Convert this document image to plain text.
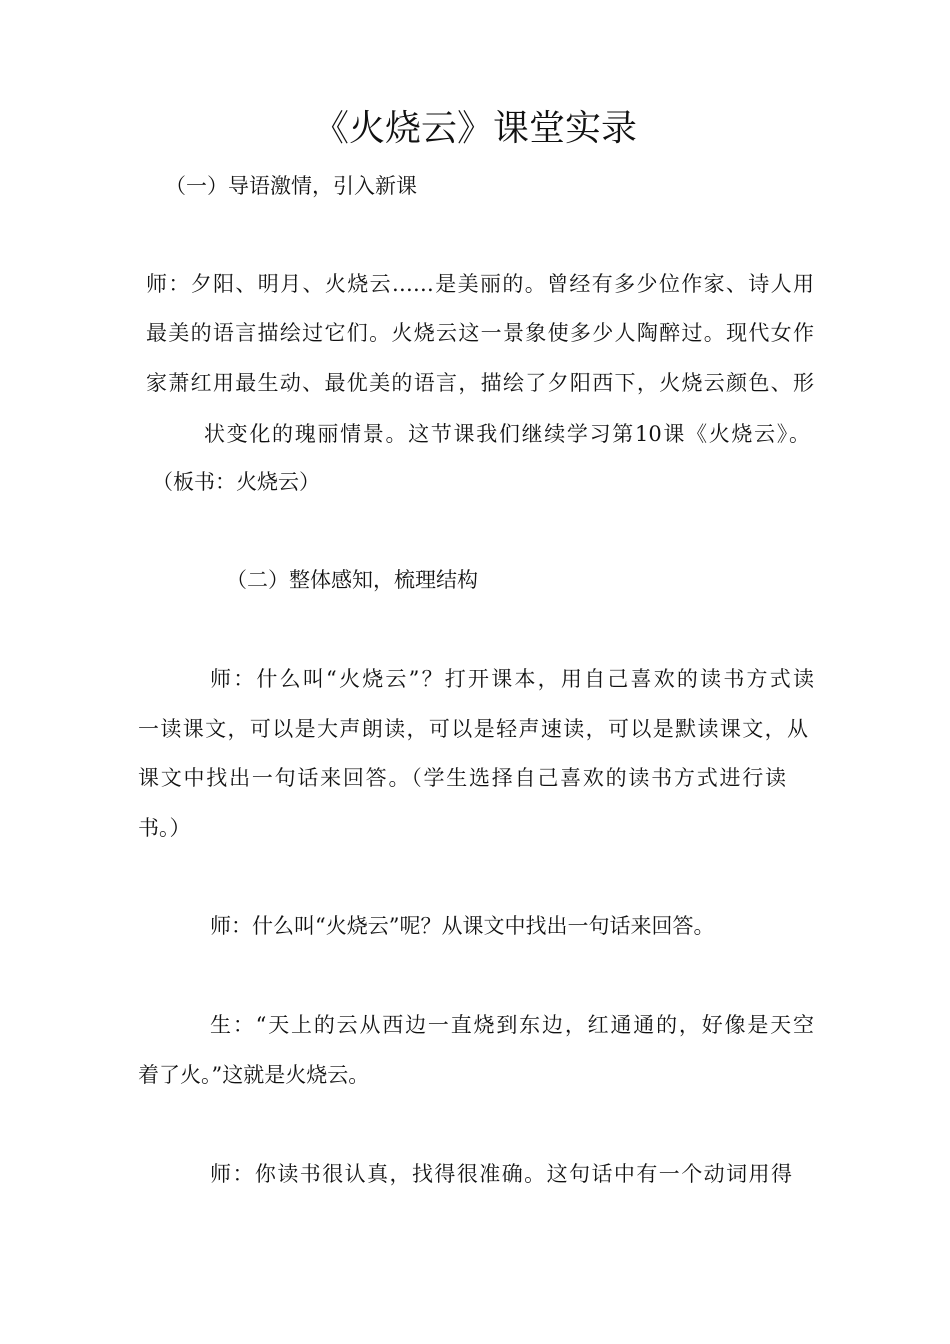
《火烧云》课堂实录
（一）导语激情，引入新课
师：夕阳、明月、火烧云……是美丽的。曾经有多少位作家、诗人用
最美的语言描绘过它们。火烧云这一景象使多少人陶醉过。现代女作
家萧红用最生动、最优美的语言，描绘了夕阳西下，火烧云颜色、形
状变化的瑰丽情景。这节课我们继续学习第10课《火烧云》。
（板书：火烧云）
（二）整体感知，梳理结构
师：什么叫“火烧云”？打开课本，用自己喜欢的读书方式读
一读课文，可以是大声朗读，可以是轻声速读，可以是默读课文，从
课文中找出一句话来回答。（学生选择自己喜欢的读书方式进行读
书。）
师：什么叫“火烧云”呢？从课文中找出一句话来回答。
生：“天上的云从西边一直烧到东边，红通通的，好像是天空
着了火。”这就是火烧云。
师：你读书很认真，找得很准确。这句话中有一个动词用得
